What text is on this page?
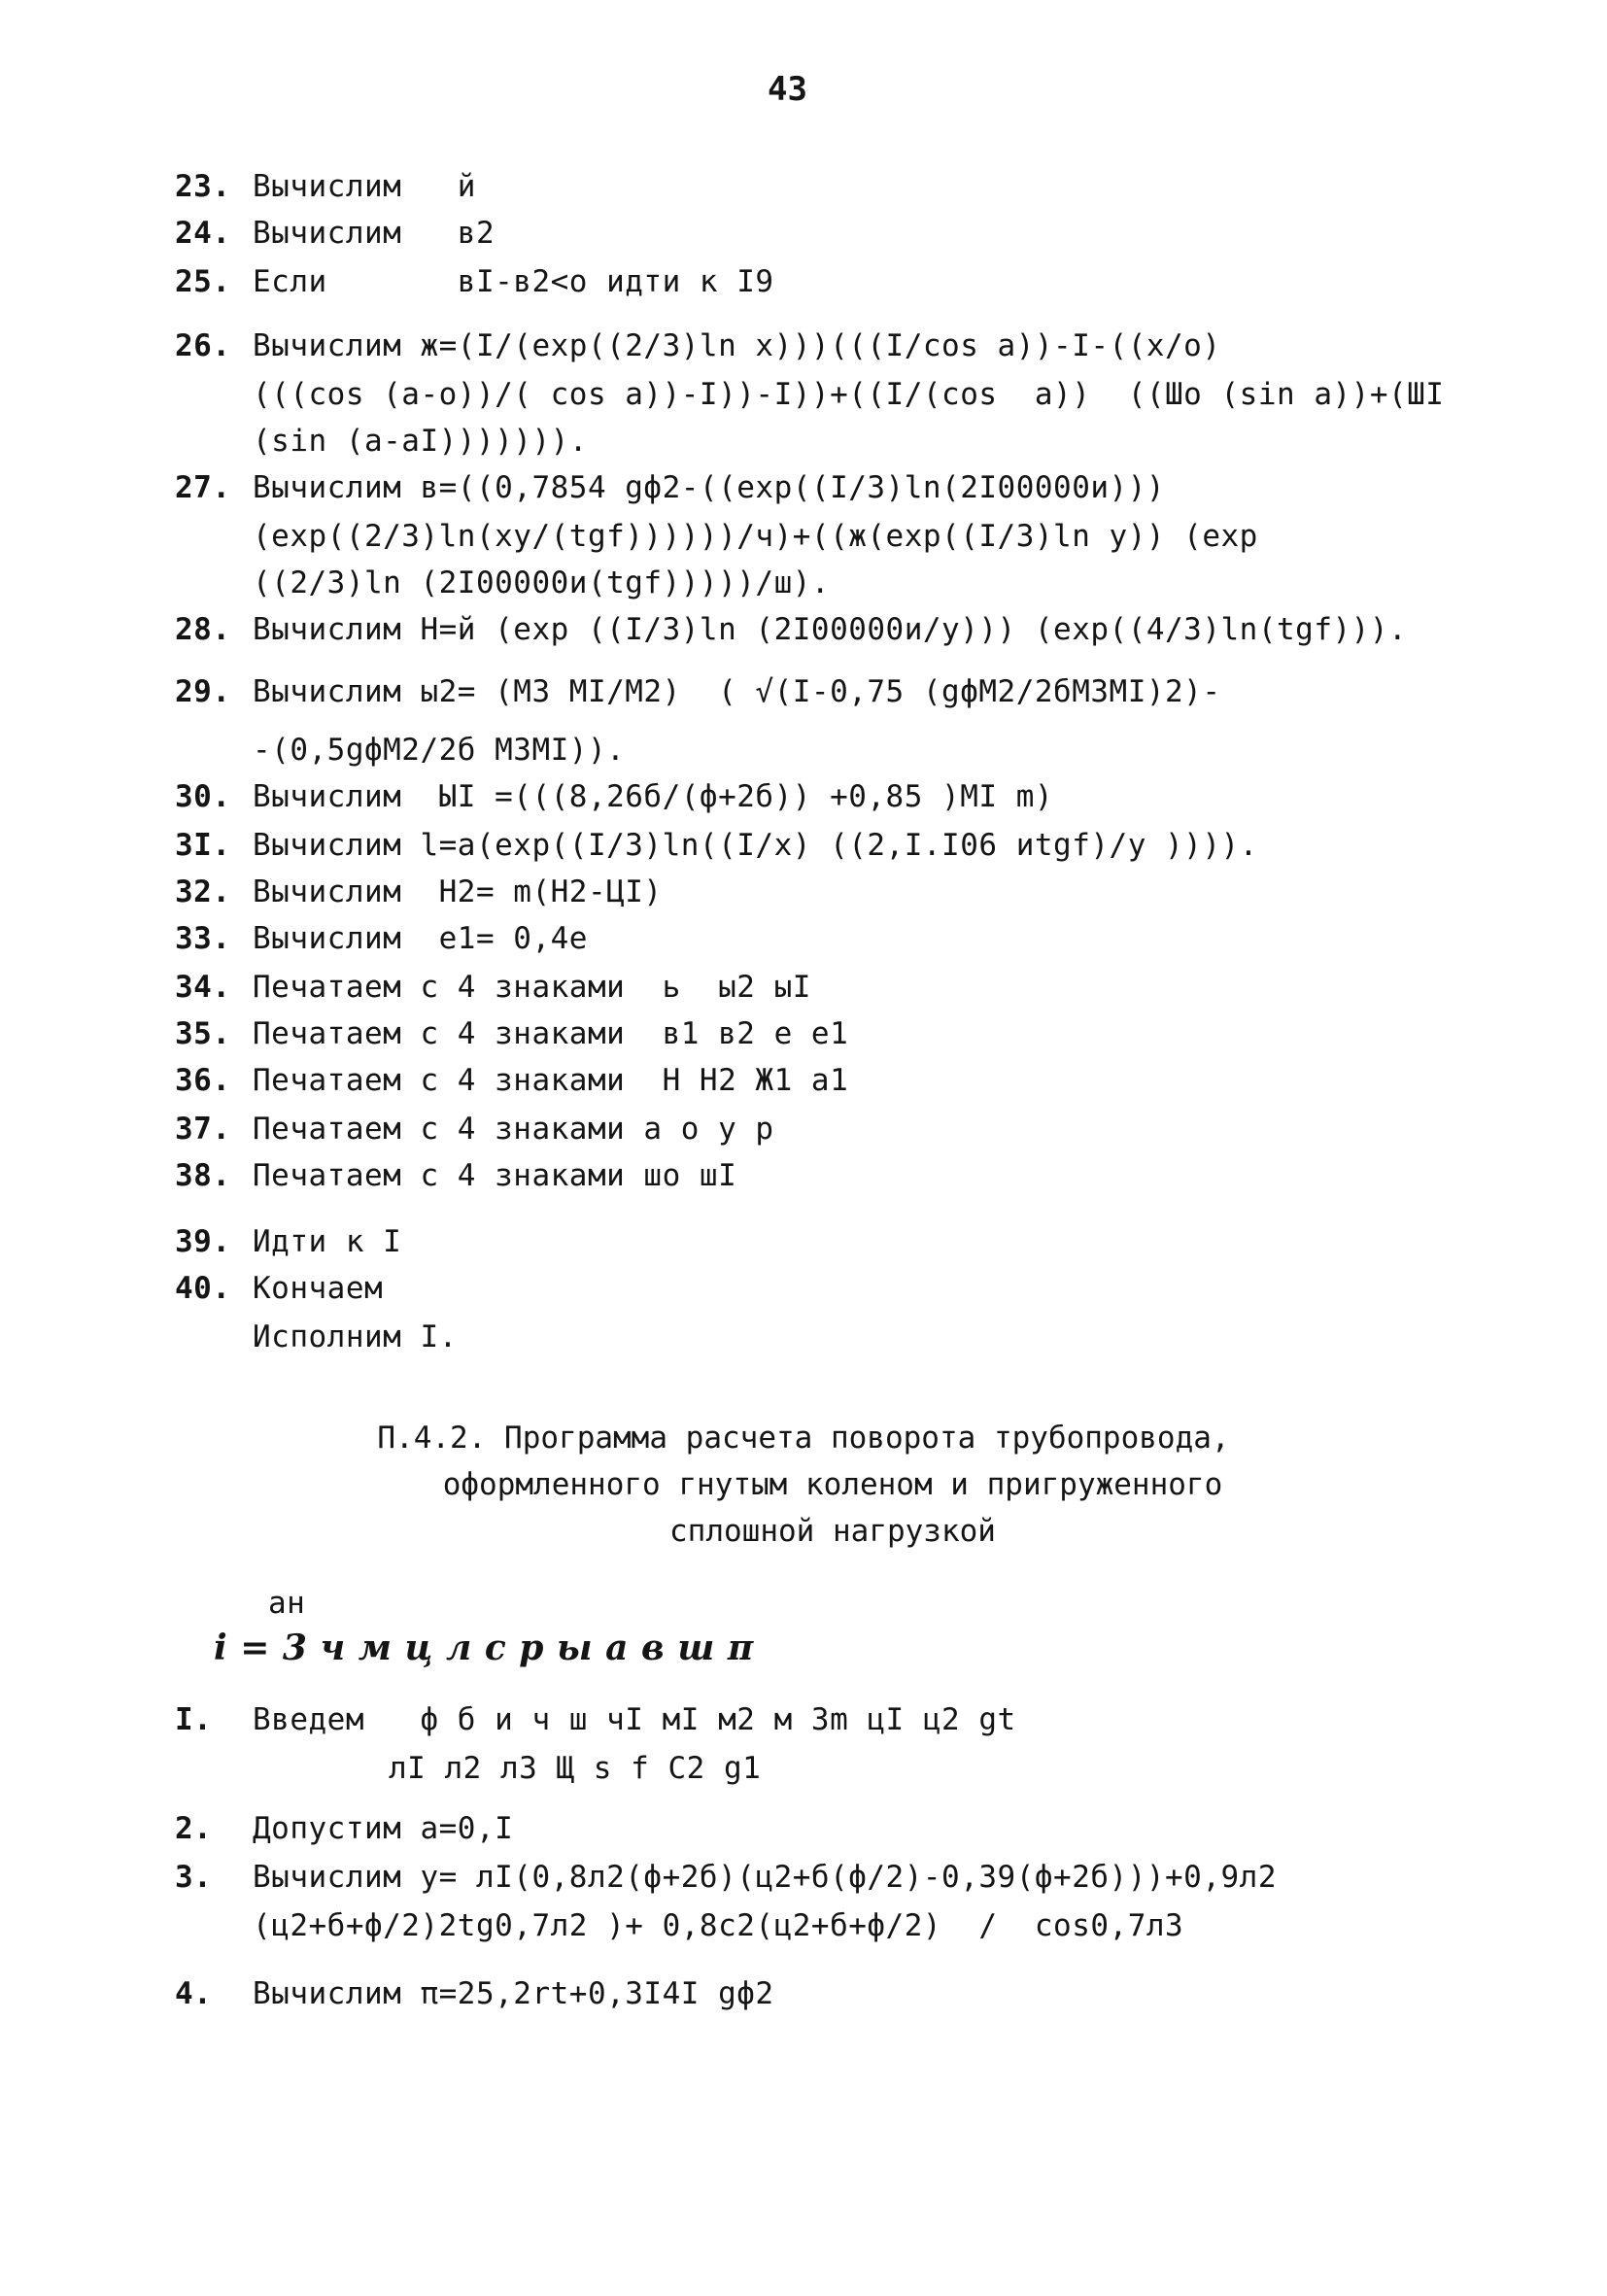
43
23. Вычислим   й
24. Вычислим   в2
25. Если       вI-в2<o идти к I9
26. Вычислим ж=(I/(exp((2/3)ln x)))(((I/cos a))-I-((x/o)
(((cos (a-o))/( cos a))-I))-I))+((I/(cos  a))  ((Шo (sin a))+(ШI
(sin (a-aI))))))).
27. Вычислим в=((0,7854 gф2-((exp((I/3)ln(2I00000и)))
(exp((2/3)ln(xy/(tgf))))))/ч)+((ж(exp((I/3)ln y)) (exp
((2/3)ln (2I00000и(tgf)))))/ш).
28. Вычислим Н=й (exp ((I/3)ln (2I00000и/у))) (exp((4/3)ln(tgf))).
29. Вычислим ы2= (М3 МI/М2)  ( √(I-0,75 (gфМ2/2бМ3МI)2)-
-(0,5gфМ2/2б М3МI)).
30. Вычислим  ЫI =(((8,26б/(ф+2б)) +0,85 )МI m)
3I. Вычислим l=a(exp((I/3)ln((I/x) ((2,I.I06 иtgf)/у )))).
32. Вычислим  Н2= m(Н2-ЦI)
33. Вычислим  e1= 0,4e
34. Печатаем с 4 знаками  ь  ы2 ыI
35. Печатаем с 4 знаками  в1 в2 e e1
36. Печатаем с 4 знаками  Н Н2 Ж1 a1
37. Печатаем с 4 знаками а о у р
38. Печатаем с 4 знаками шo шI
39. Идти к I
40. Кончаем
Исполним I.
П.4.2. Программа расчета поворота трубопровода,
оформленного гнутым коленом и пригруженного
сплошной нагрузкой
ан
i = 3 ч м ц л с р ы а в ш π
I. Введем   ф б и ч ш чI мI м2 м 3m цI ц2 gt
лI л2 л3 Щ s f C2 g1
2. Допустим а=0,I
3. Вычислим у= лI(0,8л2(ф+2б)(ц2+б(ф/2)-0,39(ф+2б)))+0,9л2
(ц2+б+ф/2)2tg0,7л2 )+ 0,8с2(ц2+б+ф/2)  /  cos0,7л3
4. Вычислим π=25,2rt+0,3I4I gф2
